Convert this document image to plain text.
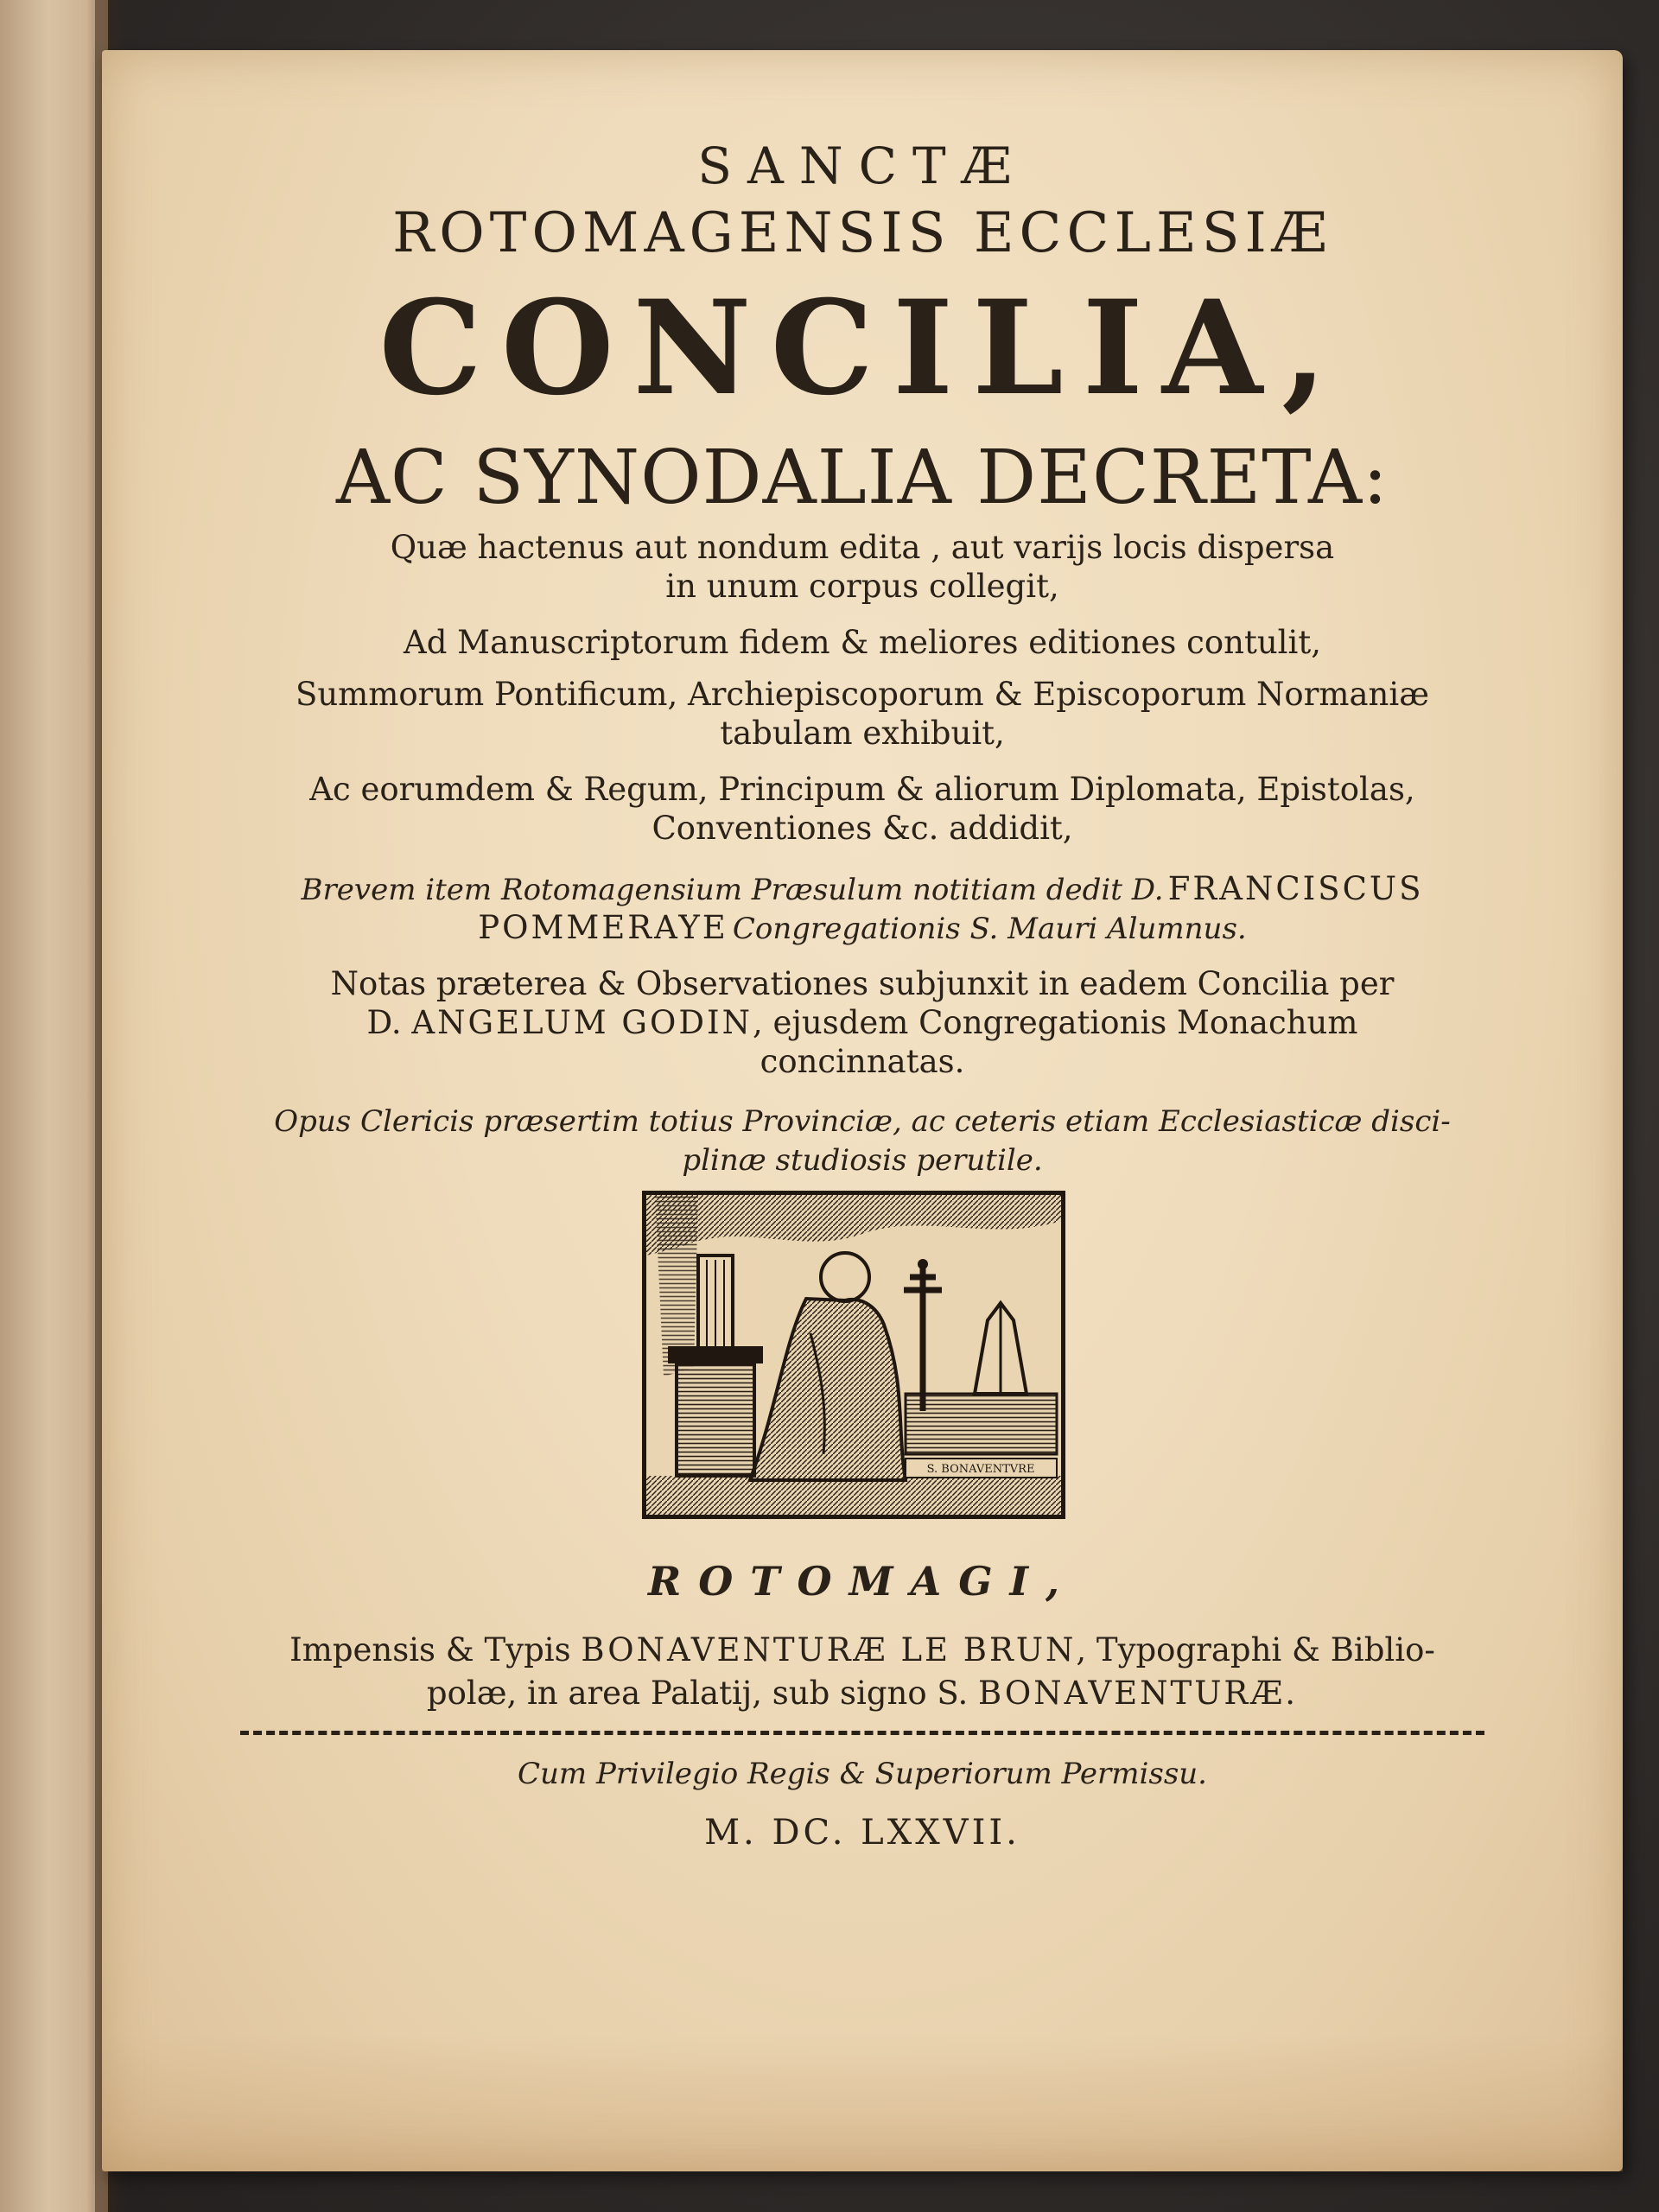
SANCTÆ
ROTOMAGENSIS ECCLESIÆ
CONCILIA,
AC SYNODALIA DECRETA:
Quæ hactenus aut nondum edita , aut varijs locis dispersa
in unum corpus collegit,
Ad Manuscriptorum fidem & meliores editiones contulit,
Summorum Pontificum, Archiepiscoporum & Episcoporum Normaniæ
tabulam exhibuit,
Ac eorumdem & Regum, Principum & aliorum Diplomata, Epistolas,
Conventiones &c. addidit,
Brevem item Rotomagensium Præsulum notitiam dedit D. FRANCISCUS
POMMERAYE Congregationis S. Mauri Alumnus.
Notas præterea & Observationes subjunxit in eadem Concilia per
D. ANGELUM GODIN, ejusdem Congregationis Monachum
concinnatas.
Opus Clericis præsertim totius Provinciæ, ac ceteris etiam Ecclesiasticæ disci-
plinæ studiosis perutile.
S. BONAVENTVRE
ROTOMAGI,
Impensis & Typis BONAVENTURÆ LE BRUN, Typographi & Biblio-
polæ, in area Palatij, sub signo S. BONAVENTURÆ.
Cum Privilegio Regis & Superiorum Permissu.
M. DC. LXXVII.
